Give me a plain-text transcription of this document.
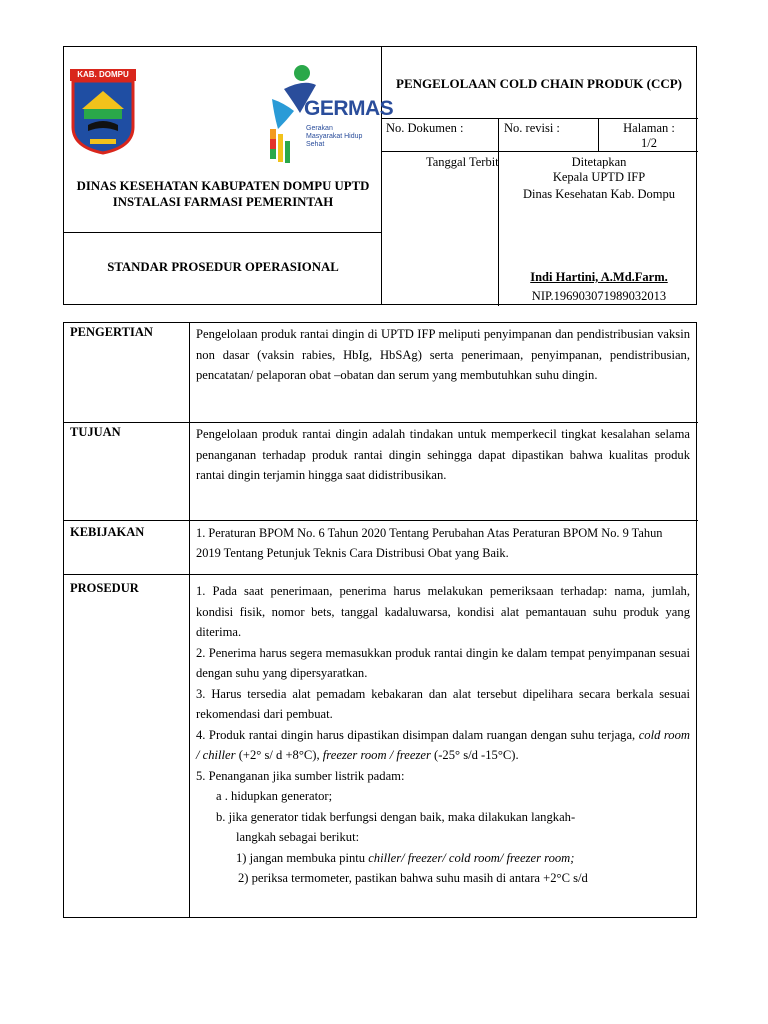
KAB. DOMPU
GERMAS
Gerakan Masyarakat Hidup Sehat
DINAS KESEHATAN KABUPATEN DOMPU UPTD INSTALASI FARMASI PEMERINTAH
STANDAR PROSEDUR OPERASIONAL
PENGELOLAAN COLD CHAIN PRODUK (CCP)
No. Dokumen :	No. revisi :	Halaman :
1/2
Tanggal Terbit	Ditetapkan
Kepala UPTD IFP
Dinas Kesehatan Kab. Dompu
Indi Hartini, A.Md.Farm.
NIP.196903071989032013
PENGERTIAN	Pengelolaan produk rantai dingin di UPTD IFP meliputi penyimpanan dan pendistribusian vaksin non dasar (vaksin rabies, HbIg, HbSAg) serta penerimaan, penyimpanan, pendistribusian, pencatatan/ pelaporan obat –obatan dan serum yang membutuhkan suhu dingin.
TUJUAN	Pengelolaan produk rantai dingin adalah tindakan untuk memperkecil tingkat kesalahan selama penanganan terhadap produk rantai dingin sehingga dapat dipastikan bahwa kualitas produk rantai dingin terjamin hingga saat didistribusikan.
KEBIJAKAN	1. Peraturan BPOM No. 6 Tahun 2020 Tentang Perubahan Atas Peraturan BPOM No. 9 Tahun 2019 Tentang Petunjuk Teknis Cara Distribusi Obat yang Baik.
PROSEDUR	1. Pada saat penerimaan, penerima harus melakukan pemeriksaan terhadap: nama, jumlah, kondisi fisik, nomor bets, tanggal kadaluwarsa, kondisi alat pemantauan suhu produk yang diterima.

2. Penerima harus segera memasukkan produk rantai dingin ke dalam tempat penyimpanan sesuai dengan suhu yang dipersyaratkan.

3. Harus tersedia alat pemadam kebakaran dan alat tersebut dipelihara secara berkala sesuai rekomendasi dari pembuat.

4. Produk rantai dingin harus dipastikan disimpan dalam ruangan dengan suhu terjaga, cold room / chiller (+2° s/ d +8°C), freezer room / freezer (-25° s/d -15°C).

5. Penanganan jika sumber listrik padam:

a . hidupkan generator;

b. jika generator tidak berfungsi dengan baik, maka dilakukan langkah-

langkah sebagai berikut:

1) jangan membuka pintu chiller/ freezer/ cold room/ freezer room;

2) periksa termometer, pastikan bahwa suhu masih di antara +2°C s/d
